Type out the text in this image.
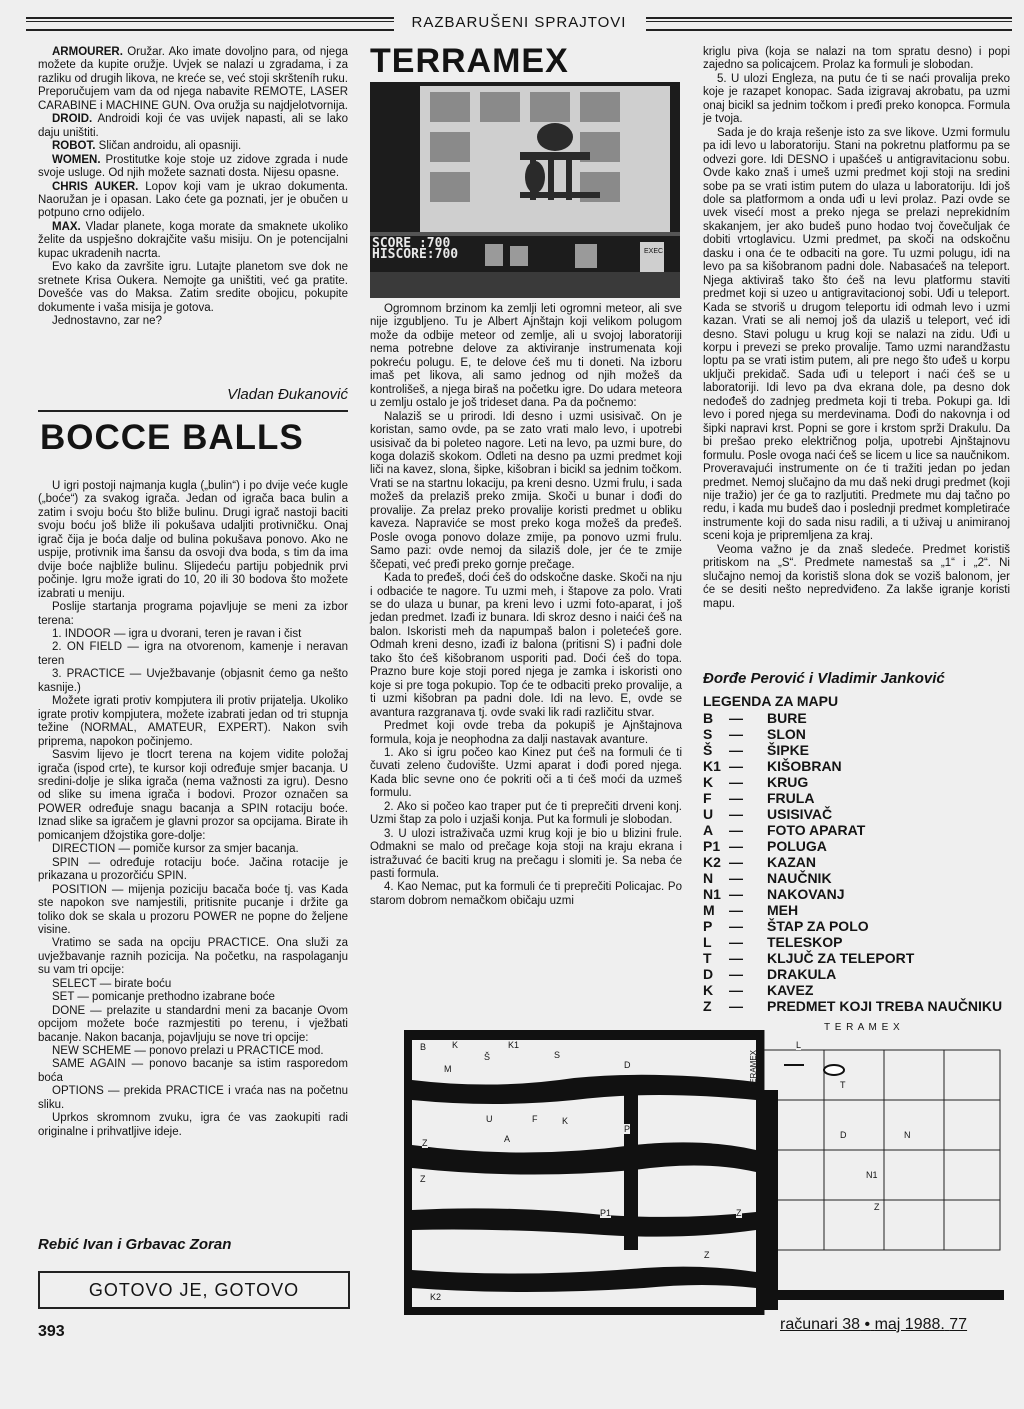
RAZBARUŠENI SPRAJTOVI

ARMOURER. Oružar. Ako imate dovoljno para, od njega možete da kupite oružje. Uvjek se nalazi u zgradama, i za razliku od drugih likova, ne kreće se, već stoji skršteníh ruku. Preporučujem vam da od njega nabavite REMOTE, LASER CARABINE i MACHINE GUN. Ova oružja su najdjelotvornija.

DROID. Androidi koji će vas uvijek napasti, ali se lako daju uništiti.

ROBOT. Sličan androidu, ali opasniji.

WOMEN. Prostitutke koje stoje uz zidove zgrada i nude svoje usluge. Od njih možete saznati dosta. Nijesu opasne.

CHRIS AUKER. Lopov koji vam je ukrao dokumenta. Naoružan je i opasan. Lako ćete ga poznati, jer je obučen u potpuno crno odijelo.

MAX. Vladar planete, koga morate da smaknete ukoliko želite da uspješno dokrajčite vašu misiju. On je potencijalni kupac ukradenih nacrta.

Evo kako da završite igru. Lutajte planetom sve dok ne sretnete Krisa Oukera. Nemojte ga uništiti, već ga pratite. Dovešće vas do Maksa. Zatim sredite obojicu, pokupite dokumente i vaša misija je gotova.

Jednostavno, zar ne?

Vladan Đukanović
BOCCE BALLS

U igri postoji najmanja kugla („bulin“) i po dvije veće kugle („boće“) za svakog igrača. Jedan od igrača baca bulin a zatim i svoju boću što bliže bulinu. Drugi igrač nastoji baciti svoju boću još bliže ili pokušava udaljiti protivničku. Onaj igrač čija je boća dalje od bulina pokušava ponovo. Ako ne uspije, protivnik ima šansu da osvoji dva boda, s tim da ima dvije boće najbliže bulinu. Slijedeću partiju pobjednik prvi počinje. Igru može igrati do 10, 20 ili 30 bodova što možete izabrati u meniju.

Poslije startanja programa pojavljuje se meni za izbor terena:

1. INDOOR — igra u dvorani, teren je ravan i čist

2. ON FIELD — igra na otvorenom, kamenje i neravan teren

3. PRACTICE — Uvježbavanje (objasnit ćemo ga nešto kasnije.)

Možete igrati protiv kompjutera ili protiv prijatelja. Ukoliko igrate protiv kompjutera, možete izabrati jedan od tri stupnja težine (NORMAL, AMATEUR, EXPERT). Nakon svih priprema, napokon počinjemo.

Sasvim lijevo je tlocrt terena na kojem vidite položaj igrača (ispod crte), te kursor koji određuje smjer bacanja. U sredini-dolje je slika igrača (nema važnosti za igru). Desno od slike su imena igrača i bodovi. Prozor označen sa POWER određuje snagu bacanja a SPIN rotaciju boće. Iznad slike sa igračem je glavni prozor sa opcijama. Birate ih pomicanjem džojstika gore-dolje:

DIRECTION — pomiče kursor za smjer bacanja.

SPIN — određuje rotaciju boće. Jačina rotacije je prikazana u prozorčiću SPIN.

POSITION — mijenja poziciju bacača boće tj. vas Kada ste napokon sve namjestili, pritisnite pucanje i držite ga toliko dok se skala u prozoru POWER ne popne do željene visine.

Vratimo se sada na opciju PRACTICE. Ona služi za uvježbavanje raznih pozicija. Na početku, na raspolaganju su vam tri opcije:

SELECT — birate boću

SET — pomicanje prethodno izabrane boće

DONE — prelazite u standardni meni za bacanje Ovom opcijom možete boće razmjestiti po terenu, i vježbati bacanje. Nakon bacanja, pojavljuju se nove tri opcije:

NEW SCHEME — ponovo prelazi u PRACTICE mod.

SAME AGAIN — ponovo bacanje sa istim rasporedom boća

OPTIONS — prekida PRACTICE i vraća nas na početnu sliku.

Uprkos skromnom zvuku, igra će vas zaokupiti radi originalne i prihvatljive ideje.

Rebić Ivan i Grbavac Zoran
GOTOVO JE, GOTOVO
393
TERRAMEX
SCORE :700
HISCORE:700	EXEC

Ogromnom brzinom ka zemlji leti ogromni meteor, ali sve nije izgubljeno. Tu je Albert Ajnštajn koji velikom polugom može da odbije meteor od zemlje, ali u svojoj laboratoriji nema potrebne delove za aktiviranje instrumenata koji pokreću polugu. E, te delove ćeš mu ti doneti. Na izboru imaš pet likova, ali samo jednog od njih možeš da kontrolišeš, a njega biraš na početku igre. Do udara meteora u zemlju ostalo je još trideset dana. Pa da počnemo:

Nalaziš se u prirodi. Idi desno i uzmi usisivač. On je koristan, samo ovde, pa se zato vrati malo levo, i upotrebi usisivač da bi poleteo nagore. Leti na levo, pa uzmi bure, do koga dolaziš skokom. Odleti na desno pa uzmi predmet koji liči na kavez, slona, šipke, kišobran i bicikl sa jednim točkom. Vrati se na startnu lokaciju, pa kreni desno. Uzmi frulu, i sada možeš da prelaziš preko zmija. Skoči u bunar i dođi do provalije. Za prelaz preko provalije koristi predmet u obliku kaveza. Napraviće se most preko koga možeš da pređeš. Posle ovoga ponovo dolaze zmije, pa ponovo uzmi frulu. Samo pazi: ovde nemoj da silaziš dole, jer će te zmije ščepati, već pređi preko gornje prečage.

Kada to pređeš, doći ćeš do odskočne daske. Skoči na nju i odbaciće te nagore. Tu uzmi meh, i štapove za polo. Vrati se do ulaza u bunar, pa kreni levo i uzmi foto-aparat, i još jedan predmet. Izađi iz bunara. Idi skroz desno i naići ćeš na balon. Iskoristi meh da napumpaš balon i poletećeš gore. Odmah kreni desno, izađi iz balona (pritisni S) i pađni dole tako što ćeš kišobranom usporiti pad. Doći ćeš do topa. Prazno bure koje stoji pored njega je zamka i iskoristi ono koje si pre toga pokupio. Top će te odbaciti preko provalije, a ti uzmi kišobran pa padni dole. Idi na levo. E, ovde se avantura razgranava tj. ovde svaki lik radi različitu stvar.

Predmet koji ovde treba da pokupiš je Ajnštajnova formula, koja je neophodna za dalji nastavak avanture.

1. Ako si igru počeo kao Kinez put ćeš na formuli će ti čuvati zeleno čudovište. Uzmi aparat i dođi pored njega. Kada blic sevne ono će pokriti oči a ti ćeš moći da uzmeš formulu.

2. Ako si počeo kao traper put će ti preprečiti drveni konj. Uzmi štap za polo i uzjaši konja. Put ka formuli je slobodan.

3. U ulozi istraživača uzmi krug koji je bio u blizini frule. Odmakni se malo od prečage koja stoji na kraju ekrana i istražuvać će baciti krug na prečagu i slomiti je. Sa neba će pasti formula.

4. Kao Nemac, put ka formuli će ti preprečiti Policajac. Po starom dobrom nemačkom običaju uzmi

kriglu piva (koja se nalazi na tom spratu desno) i popi zajedno sa policajcem. Prolaz ka formuli je slobodan.

5. U ulozi Engleza, na putu će ti se naći provalija preko koje je razapet konopac. Sada izigravaj akrobatu, pa uzmi onaj bicikl sa jednim točkom i pređi preko konopca. Formula je tvoja.

Sada je do kraja rešenje isto za sve likove. Uzmi formulu pa idi levo u laboratoriju. Stani na pokretnu platformu pa se odvezi gore. Idi DESNO i upašćeš u antigravitacionu sobu. Ovde kako znaš i umeš uzmi predmet koji stoji na sredini sobe pa se vrati istim putem do ulaza u laboratoriju. Idi još dole sa platformom a onda uđi u levi prolaz. Pazi ovde se uvek visećí most a preko njega se prelazi neprekidním skakanjem, jer ako budeš puno hodao tvoj čovečuljak će dobiti vrtoglavicu. Uzmi predmet, pa skoči na odskočnu dasku i ona će te odbaciti na gore. Tu uzmi polugu, idi na levo pa sa kišobranom padni dole. Nabasaćeš na teleport. Njega aktiviraš tako što ćeš na levu platformu staviti predmet koji si uzeo u antigravitacionoj sobi. Uđi u teleport. Kada se stvoriš u drugom teleportu idi odmah levo i uzmi kazan. Vrati se ali nemoj još da ulaziš u teleport, već idi desno. Stavi polugu u krug koji se nalazi na zidu. Uđi u korpu i prevezi se preko provalije. Tamo uzmi narandžastu loptu pa se vrati istim putem, ali pre nego što uđeš u korpu uključi prekidač. Sada uđi u teleport i naći ćeš se u laboratoriji. Idi levo pa dva ekrana dole, pa desno dok nedođeš do zadnjeg predmeta koji ti treba. Pokupi ga. Idi levo i pored njega su merdevinama. Dođi do nakovnja i od šipki napravi krst. Popni se gore i krstom sprži Drakulu. Da bi prešao preko električnog polja, upotrebi Ajnštajnovu formulu. Posle ovoga naći ćeš se licem u lice sa naučnikom. Proveravajući instrumente on će ti tražiti jedan po jedan predmet. Nemoj slučajno da mu daš neki drugi predmet (koji nije tražio) jer će ga to razljutiti. Predmete mu daj tačno po redu, i kada mu budeš dao i poslednji predmet kompletiraće instrumente koji do sada nisu radili, a ti uživaj u animiranoj sceni koja je pripremljena za kraj.

Veoma važno je da znaš sledeće. Predmet koristiš pritiskom na „S“. Predmete namestaš sa „1“ i „2“. Ni slučajno nemoj da koristiš slona dok se voziš balonom, jer će se desiti nešto nepredviđeno. Za lakše igranje koristi mapu.

Đorđe Perović i Vladimir Janković
LEGENDA ZA MAPU
B	—	BURE
S	—	SLON
Š	—	ŠIPKE
K1 —	KIŠOBRAN
K	—	KRUG
F	—	FRULA
U	—	USISIVAČ
A	—	FOTO APARAT
P1 —	POLUGA
K2 —	KAZAN
N	—	NAUČNIK
N1 —	NAKOVANJ
M	—	MEH
P	—	ŠTAP ZA POLO
L	—	TELESKOP
T	—	KLJUČ ZA TELEPORT
D	—	DRAKULA
K	—	KAVEZ
Z	—	PREDMET KOJI TREBA NAUČNIKU
T E R A M E X
TERAMEX
B	K
Š
K1
S
U	F	K
P
A
Z
Z
P1	Z
Z
K2
L
T
D	N
N1
Z
M	D
računari 38 • maj 1988. 77
